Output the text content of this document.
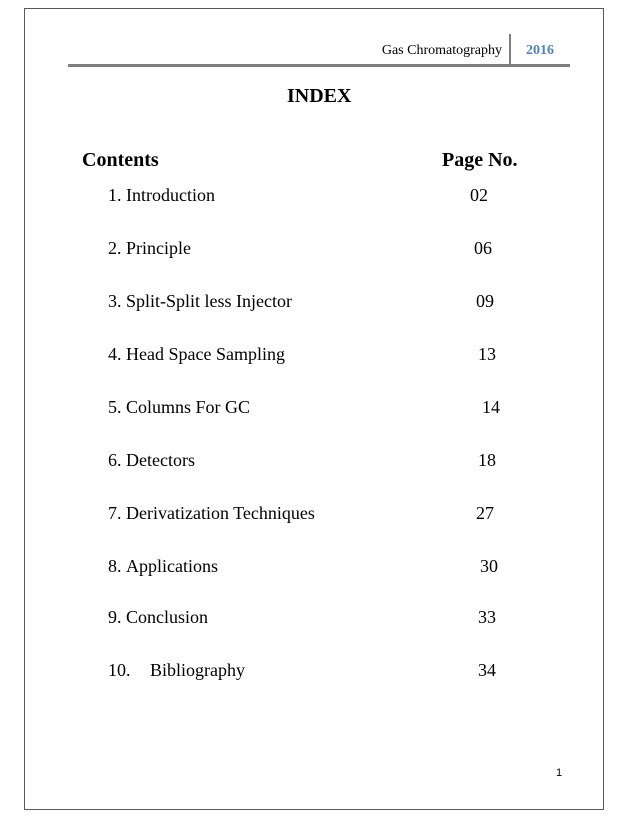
Gas Chromatography 2016
INDEX
Contents	Page No.
1. Introduction	02
2. Principle	06
3. Split-Split less Injector	09
4. Head Space Sampling	13
5. Columns For GC	14
6. Detectors	18
7. Derivatization Techniques	27
8. Applications	30
9. Conclusion	33
10. Bibliography	34
1
